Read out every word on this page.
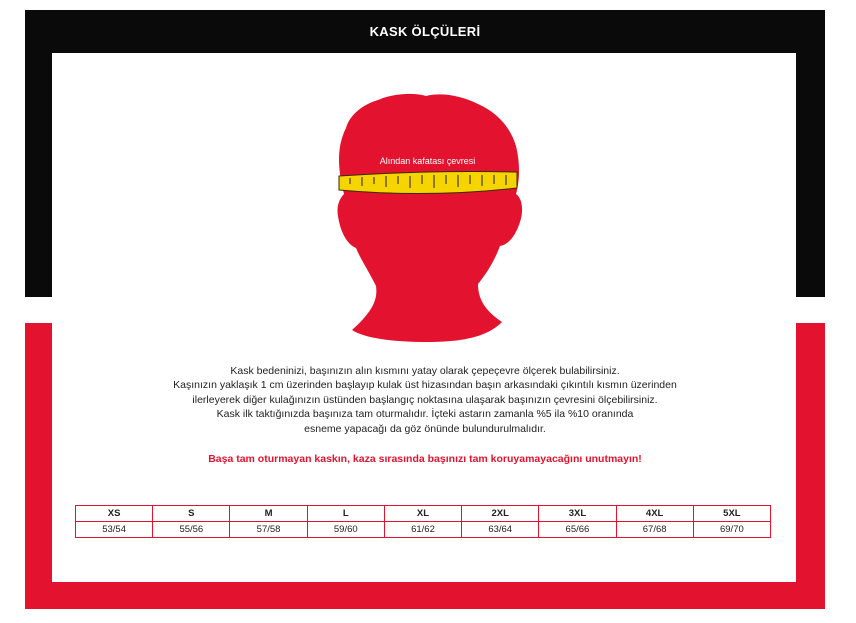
KASK ÖLÇÜLERİ
Alından kafatası çevresi
Kask bedeninizi, başınızın alın kısmını yatay olarak çepeçevre ölçerek bulabilirsiniz.
Kaşınızın yaklaşık 1 cm üzerinden başlayıp kulak üst hizasından başın arkasındaki çıkıntılı kısmın üzerinden
ilerleyerek diğer kulağınızın üstünden başlangıç noktasına ulaşarak başınızın çevresini ölçebilirsiniz.
Kask ilk taktığınızda başınıza tam oturmalıdır. İçteki astarın zamanla %5 ila %10 oranında
esneme yapacağı da göz önünde bulundurulmalıdır.
Başa tam oturmayan kaskın, kaza sırasında başınızı tam koruyamayacağını unutmayın!
XS	S	M	L	XL	2XL	3XL	4XL	5XL
53/54	55/56	57/58	59/60	61/62	63/64	65/66	67/68	69/70
